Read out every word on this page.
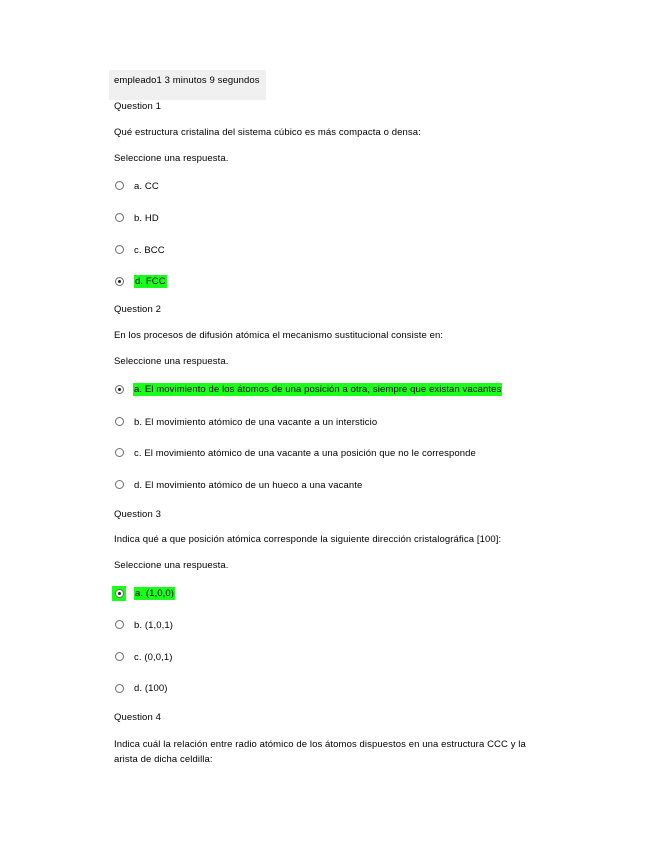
empleado1 3 minutos 9 segundos
Question 1
Qué estructura cristalina del sistema cúbico es más compacta o densa:
Seleccione una respuesta.
a. CC
b. HD
c. BCC
d. FCC
Question 2
En los procesos de difusión atómica el mecanismo sustitucional consiste en:
Seleccione una respuesta.
a. El movimiento de los átomos de una posición a otra, siempre que existan vacantes
b. El movimiento atómico de una vacante a un intersticio
c. El movimiento atómico de una vacante a una posición que no le corresponde
d. El movimiento atómico de un hueco a una vacante
Question 3
Indica qué a que posición atómica corresponde la siguiente dirección cristalográfica [100]:
Seleccione una respuesta.
a. (1,0,0)
b. (1,0,1)
c. (0,0,1)
d. (100)
Question 4
Indica cuál la relación entre radio atómico de los átomos dispuestos en una estructura CCC y la arista de dicha celdilla:
